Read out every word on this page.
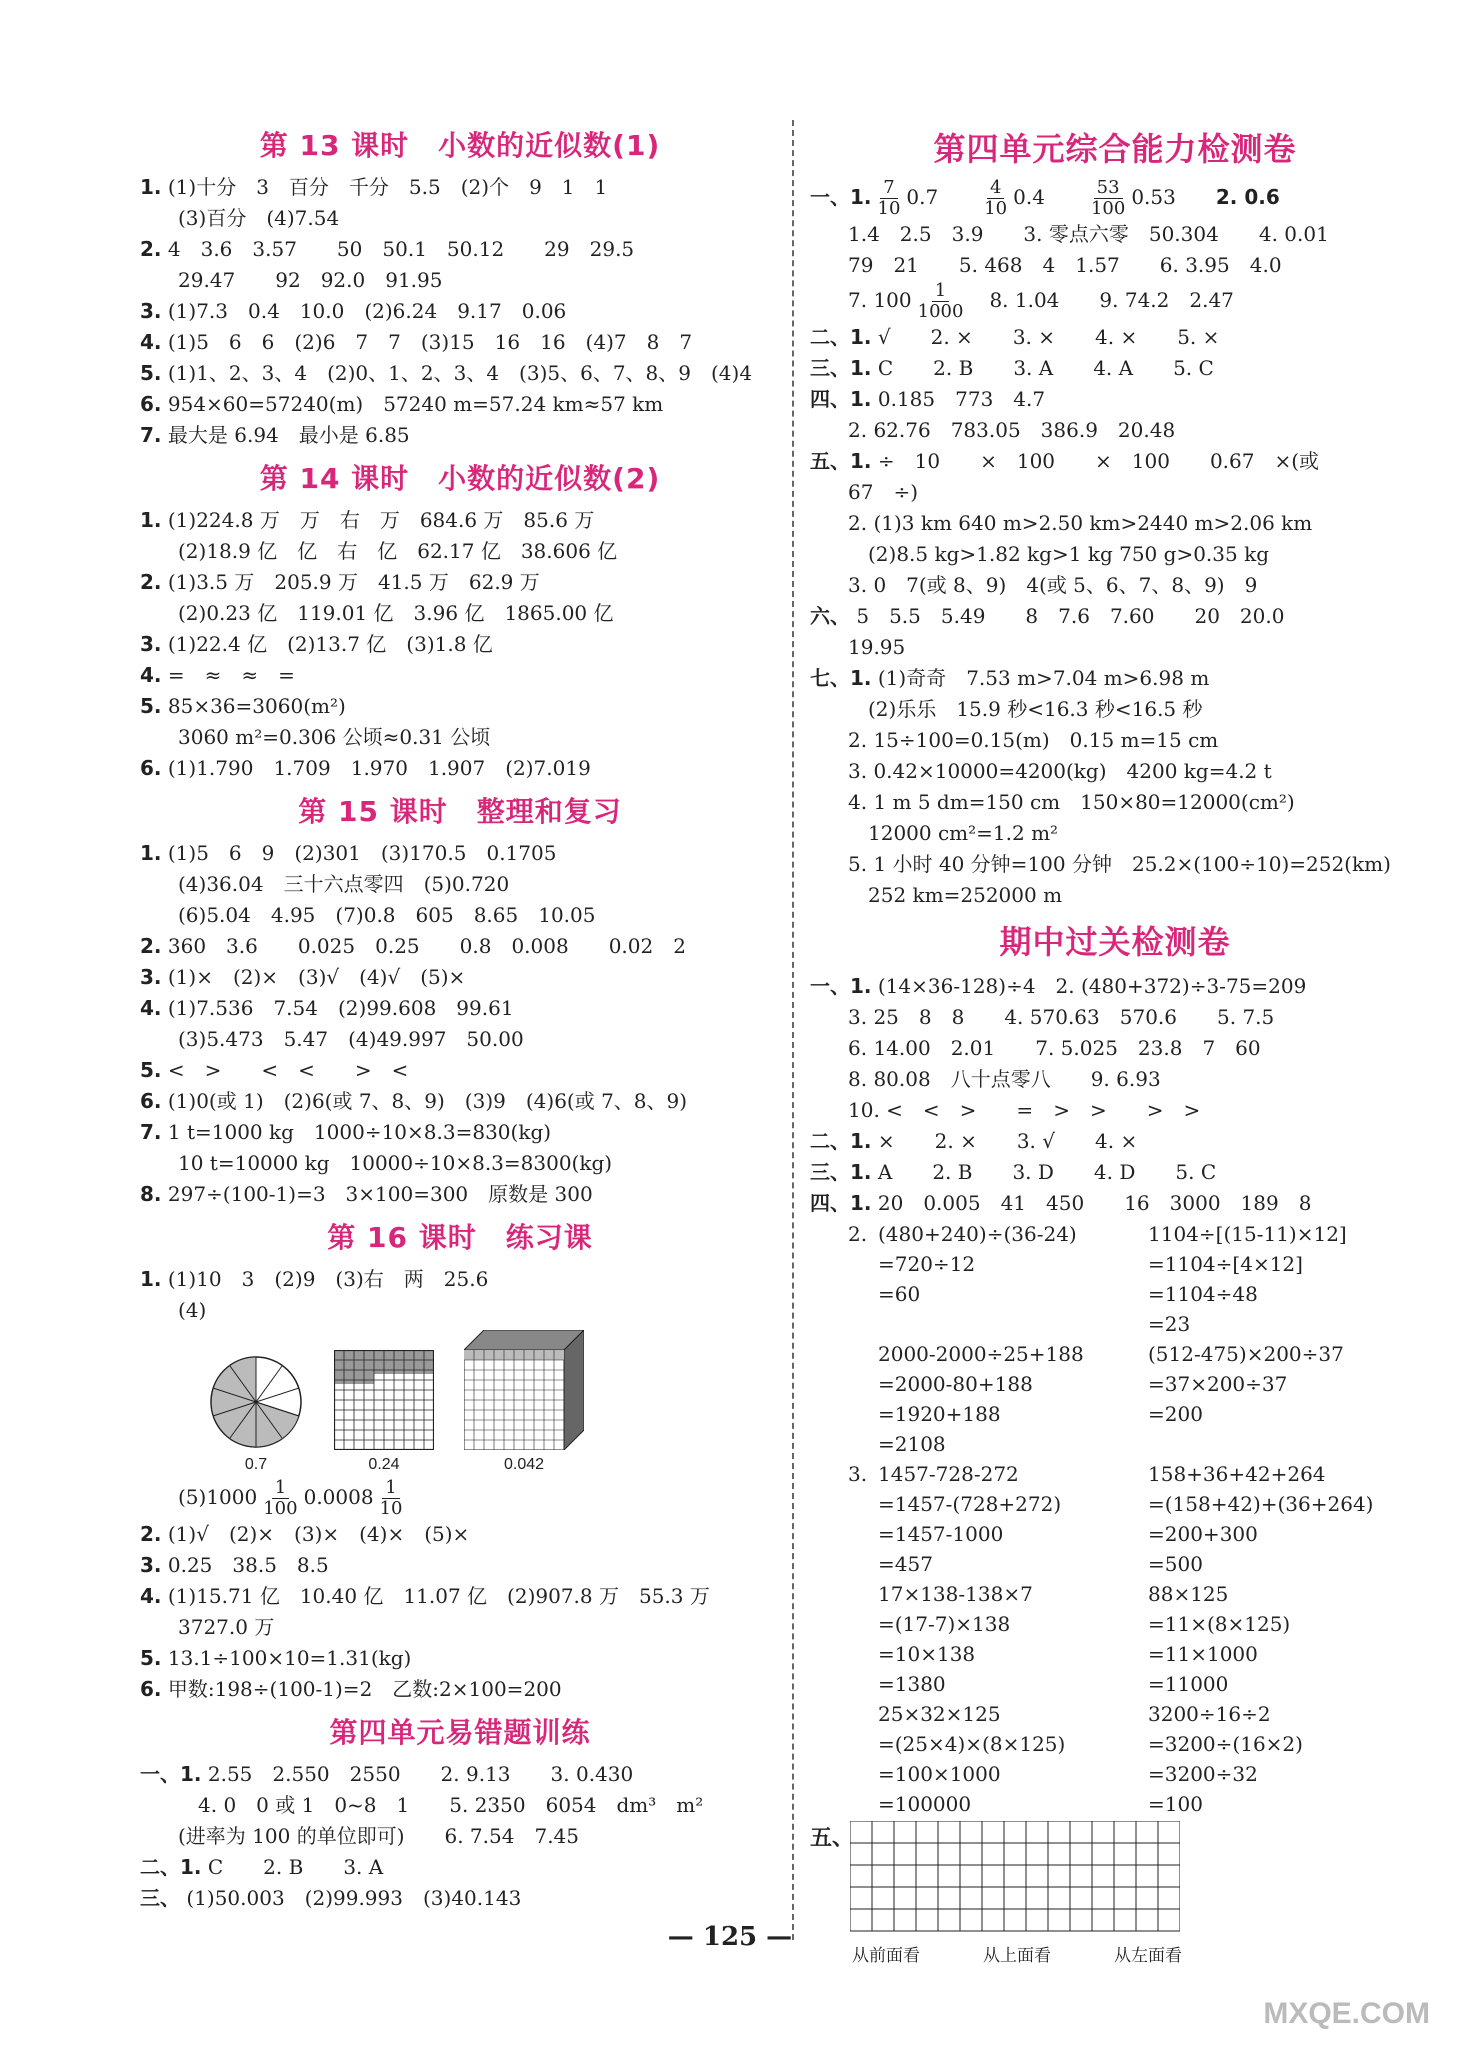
第 13 课时　小数的近似数(1)
1. (1)十分　3　百分　千分　5.5　(2)个　9　1　1
(3)百分　(4)7.54
2. 4　3.6　3.57　　50　50.1　50.12　　29　29.5
29.47　　92　92.0　91.95
3. (1)7.3　0.4　10.0　(2)6.24　9.17　0.06
4. (1)5　6　6　(2)6　7　7　(3)15　16　16　(4)7　8　7
5. (1)1、2、3、4　(2)0、1、2、3、4　(3)5、6、7、8、9　(4)4
6. 954×60=57240(m)　57240 m=57.24 km≈57 km
7. 最大是 6.94　最小是 6.85
第 14 课时　小数的近似数(2)
1. (1)224.8 万　万　右　万　684.6 万　85.6 万
(2)18.9 亿　亿　右　亿　62.17 亿　38.606 亿
2. (1)3.5 万　205.9 万　41.5 万　62.9 万
(2)0.23 亿　119.01 亿　3.96 亿　1865.00 亿
3. (1)22.4 亿　(2)13.7 亿　(3)1.8 亿
4. =　≈　≈　=
5. 85×36=3060(m²)
3060 m²=0.306 公顷≈0.31 公顷
6. (1)1.790　1.709　1.970　1.907　(2)7.019
第 15 课时　整理和复习
1. (1)5　6　9　(2)301　(3)170.5　0.1705
(4)36.04　三十六点零四　(5)0.720
(6)5.04　4.95　(7)0.8　605　8.65　10.05
2. 360　3.6　　0.025　0.25　　0.8　0.008　　0.02　2
3. (1)×　(2)×　(3)√　(4)√　(5)×
4. (1)7.536　7.54　(2)99.608　99.61
(3)5.473　5.47　(4)49.997　50.00
5. <　>　　<　<　　>　<
6. (1)0(或 1)　(2)6(或 7、8、9)　(3)9　(4)6(或 7、8、9)
7. 1 t=1000 kg　1000÷10×8.3=830(kg)
10 t=10000 kg　10000÷10×8.3=8300(kg)
8. 297÷(100-1)=3　3×100=300　原数是 300
第 16 课时　练习课
1. (1)10　3　(2)9　(3)右　两　25.6
(4)
0.7	0.24	0.042
$(5)1000 \frac{1}{100} 0.0008 \frac{1}{10}$
2. (1)√　(2)×　(3)×　(4)×　(5)×
3. 0.25　38.5　8.5
4. (1)15.71 亿　10.40 亿　11.07 亿　(2)907.8 万　55.3 万
3727.0 万
5. 13.1÷100×10=1.31(kg)
6. 甲数:198÷(100-1)=2　乙数:2×100=200
第四单元易错题训练
一、1. 2.55　2.550　2550　　2. 9.13　　3. 0.430
　4. 0　0 或 1　0~8　1　　5. 2350　6054　dm³　m²
(进率为 100 的单位即可)　　6. 7.54　7.45
二、1. C　　2. B　　3. A
三、 (1)50.003　(2)99.993　(3)40.143
第四单元综合能力检测卷
一、1. $\frac{7}{10} 0.7$　　	$\frac{4}{10} 0.4$　　	$\frac{53}{100} 0.53$　　 2. 0.6
1.4　2.5　3.9　　3. 零点六零　50.304　　4. 0.01
79　21　　5. 468　4　1.57　　6. 3.95　4.0
7. $100 \frac{1}{1000}$
　 8. 1.04　　9. 74.2　2.47
二、1. √　　2. ×　　3. ×　　4. ×　　5. ×
三、1. C　　2. B　　3. A　　4. A　　5. C
四、1. 0.185　773　4.7
2. 62.76　783.05　386.9　20.48
五、1. ÷　10　　×　100　　×　100　　0.67　×(或
67　÷)
2. (1)3 km 640 m>2.50 km>2440 m>2.06 km
　(2)8.5 kg>1.82 kg>1 kg 750 g>0.35 kg
3. 0　7(或 8、9)　4(或 5、6、7、8、9)　9
六、 5　5.5　5.49　　8　7.6　7.60　　20　20.0
19.95
七、1. (1)奇奇　7.53 m>7.04 m>6.98 m
　(2)乐乐　15.9 秒<16.3 秒<16.5 秒
2. 15÷100=0.15(m)　0.15 m=15 cm
3. 0.42×10000=4200(kg)　4200 kg=4.2 t
4. 1 m 5 dm=150 cm　150×80=12000(cm²)
　12000 cm²=1.2 m²
5. 1 小时 40 分钟=100 分钟　25.2×(100÷10)=252(km)
　252 km=252000 m
期中过关检测卷
一、1. (14×36-128)÷4　2. (480+372)÷3-75=209
3. 25　8　8　　4. 570.63　570.6　　5. 7.5
6. 14.00　2.01　　7. 5.025　23.8　7　60
8. 80.08　八十点零八　　9. 6.93
10. <　<　>　　=　>　>　　>　>
二、1. ×　　2. ×　　3. √　　4. ×
三、1. A　　2. B　　3. D　　4. D　　5. C
四、1. 20　0.005　41　450　　16　3000　189　8
2. (480+240)÷(36-24)	1104÷[(15-11)×12]
=720÷12	=1104÷[4×12]
=60	=1104÷48
=23
2000-2000÷25+188	(512-475)×200÷37
=2000-80+188	=37×200÷37
=1920+188	=200
=2108
3. 1457-728-272	158+36+42+264
=1457-(728+272)	=(158+42)+(36+264)
=1457-1000	=200+300
=457	=500
17×138-138×7	88×125
=(17-7)×138	=11×(8×125)
=10×138	=11×1000
=1380	=11000
25×32×125	3200÷16÷2
=(25×4)×(8×125)	=3200÷(16×2)
=100×1000	=3200÷32
=100000	=100
五、
从前面看	从上面看	从左面看
— 125 —
MXQE.COM
